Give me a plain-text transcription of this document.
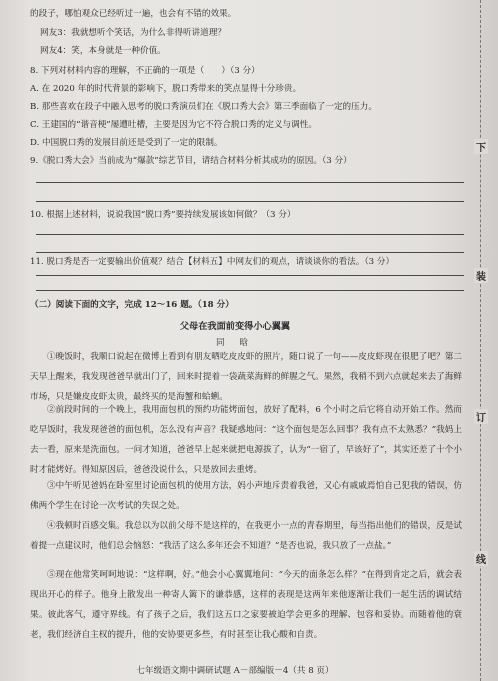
的段子，哪怕观众已经听过一遍，也会有不错的效果。
网友3：我就想听个笑话，为什么非得听讲道理？
网友4：笑，本身就是一种价值。
8. 下列对材料内容的理解，不正确的一项是（　　）（3 分）
A. 在 2020 年的时代背景的影响下，脱口秀带来的笑点显得十分珍贵。
B. 那些喜欢在段子中融入思考的脱口秀演员们在《脱口秀大会》第三季面临了一定的压力。
C. 王建国的“谐音梗”屡遭吐槽，主要是因为它不符合脱口秀的定义与调性。
D. 中国脱口秀的发展目前还是受到了一定的限制。
9.《脱口秀大会》当前成为“爆款”综艺节目，请结合材料分析其成功的原因。（3 分）
10. 根据上述材料，说说我国“脱口秀”要持续发展该如何做？（3 分）
11. 脱口秀是否一定要输出价值观？结合【材料五】中网友们的观点，请谈谈你的看法。（3 分）
（二）阅读下面的文字，完成 12～16 题。（18 分）
父母在我面前变得小心翼翼
同 晗
①晚饭时，我顺口说起在微博上看到有朋友晒吃皮皮虾的照片，随口说了一句——皮皮虾现在很肥了吧？第二天早上醒来，我发现爸爸早就出门了，回来时提着一袋蔬菜海鲜的鲜腥之气。果然，我稍不到六点就起来去了海鲜市场，只是嫌皮皮虾太贵，最终买的是海蟹和蛤蜊。
②前段时间的一个晚上，我用面包机的预约功能烤面包，放好了配料，6 个小时之后它将自动开始工作。然而吃早饭时，我发现爸爸的面包机，怎么没有声音？我疑惑地问：“这个面包是怎么回事？我有点不太熟悉？”我妈上去一看，原来是洗面包。一问才知道，爸爸早上起来就把电源拔了，认为“一宿了，早该好了”，其实还差了十个小时才能烤好。得知原因后，爸爸没说什么，只是放回去重烤。
③中午听见爸妈在卧室里讨论面包机的使用方法，妈小声地斥责着我爸，又心有戚戚焉怕自己犯我的错误，仿佛两个学生在讨论一次考试的失误之处。
④我顿时百感交集。我总以为以前父母不是这样的，在我更小一点的青春期里，每当指出他们的错误，反是试着提一点建议时，他们总会恼怒：“我活了这么多年还会不知道？”是否也说，我只放了一点盐。”
⑤现在他常笑呵呵地说：“这样啊，好。”他会小心翼翼地问：“今天的面条怎么样？”在得到肯定之后，就会表现出开心的样子。他身上散发出一种寄人篱下的谦恭感，这样的表现是这两年来他逐渐让我们一起生活的调试结果。彼此客气，遵守界线。有了孩子之后，我们这五口之家要被迫学会更多的理解、包容和妥协。而随着他的衰老，我们经济自主权的提升，他的安协要更多些，有时甚至让我心酸和自责。
七年级语文期中调研试题 A－部编版－4（共 8 页）
下
装
订
线
